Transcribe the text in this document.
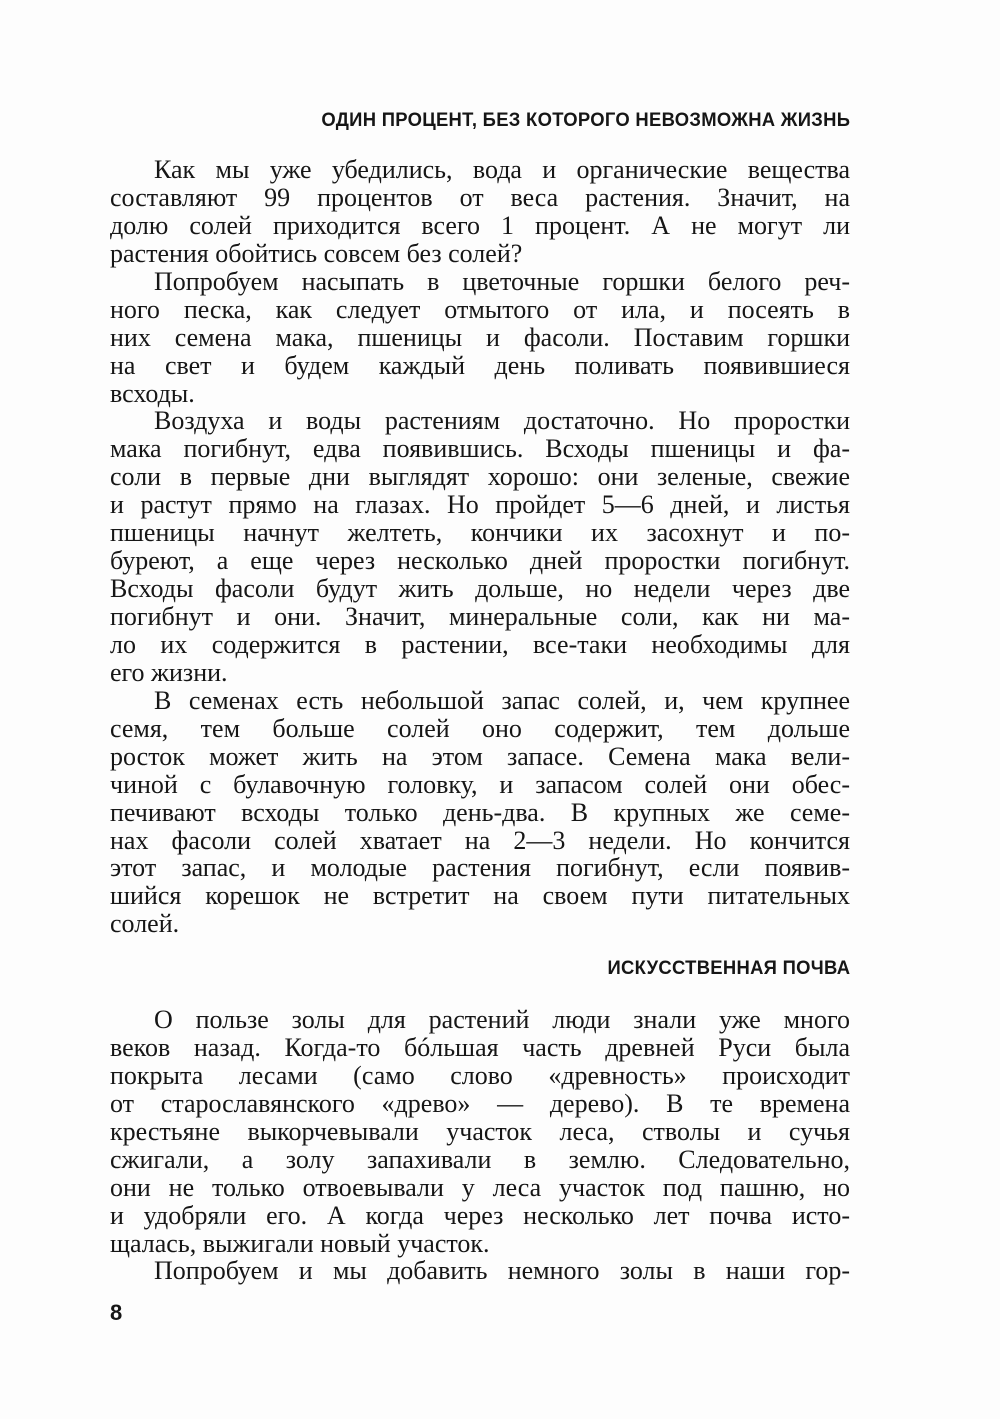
ОДИН ПРОЦЕНТ, БЕЗ КОТОРОГО НЕВОЗМОЖНА ЖИЗНЬ
Как мы уже убедились, вода и органические вещества
составляют 99 процентов от веса растения. Значит, на
долю солей приходится всего 1 процент. А не могут ли
растения обойтись совсем без солей?
Попробуем насыпать в цветочные горшки белого реч-
ного песка, как следует отмытого от ила, и посеять в
них семена мака, пшеницы и фасоли. Поставим горшки
на свет и будем каждый день поливать появившиеся
всходы.
Воздуха и воды растениям достаточно. Но проростки
мака погибнут, едва появившись. Всходы пшеницы и фа-
соли в первые дни выглядят хорошо: они зеленые, свежие
и растут прямо на глазах. Но пройдет 5—6 дней, и листья
пшеницы начнут желтеть, кончики их засохнут и по-
буреют, а еще через несколько дней проростки погибнут.
Всходы фасоли будут жить дольше, но недели через две
погибнут и они. Значит, минеральные соли, как ни ма-
ло их содержится в растении, все-таки необходимы для
его жизни.
В семенах есть небольшой запас солей, и, чем крупнее
семя, тем больше солей оно содержит, тем дольше
росток может жить на этом запасе. Семена мака вели-
чиной с булавочную головку, и запасом солей они обес-
печивают всходы только день-два. В крупных же семе-
нах фасоли солей хватает на 2—3 недели. Но кончится
этот запас, и молодые растения погибнут, если появив-
шийся корешок не встретит на своем пути питательных
солей.
ИСКУССТВЕННАЯ ПОЧВА
О пользе золы для растений люди знали уже много
веков назад. Когда-то бóльшая часть древней Руси была
покрыта лесами (само слово «древность» происходит
от старославянского «древо» — дерево). В те времена
крестьяне выкорчевывали участок леса, стволы и сучья
сжигали, а золу запахивали в землю. Следовательно,
они не только отвоевывали у леса участок под пашню, но
и удобряли его. А когда через несколько лет почва исто-
щалась, выжигали новый участок.
Попробуем и мы добавить немного золы в наши гор-
8
